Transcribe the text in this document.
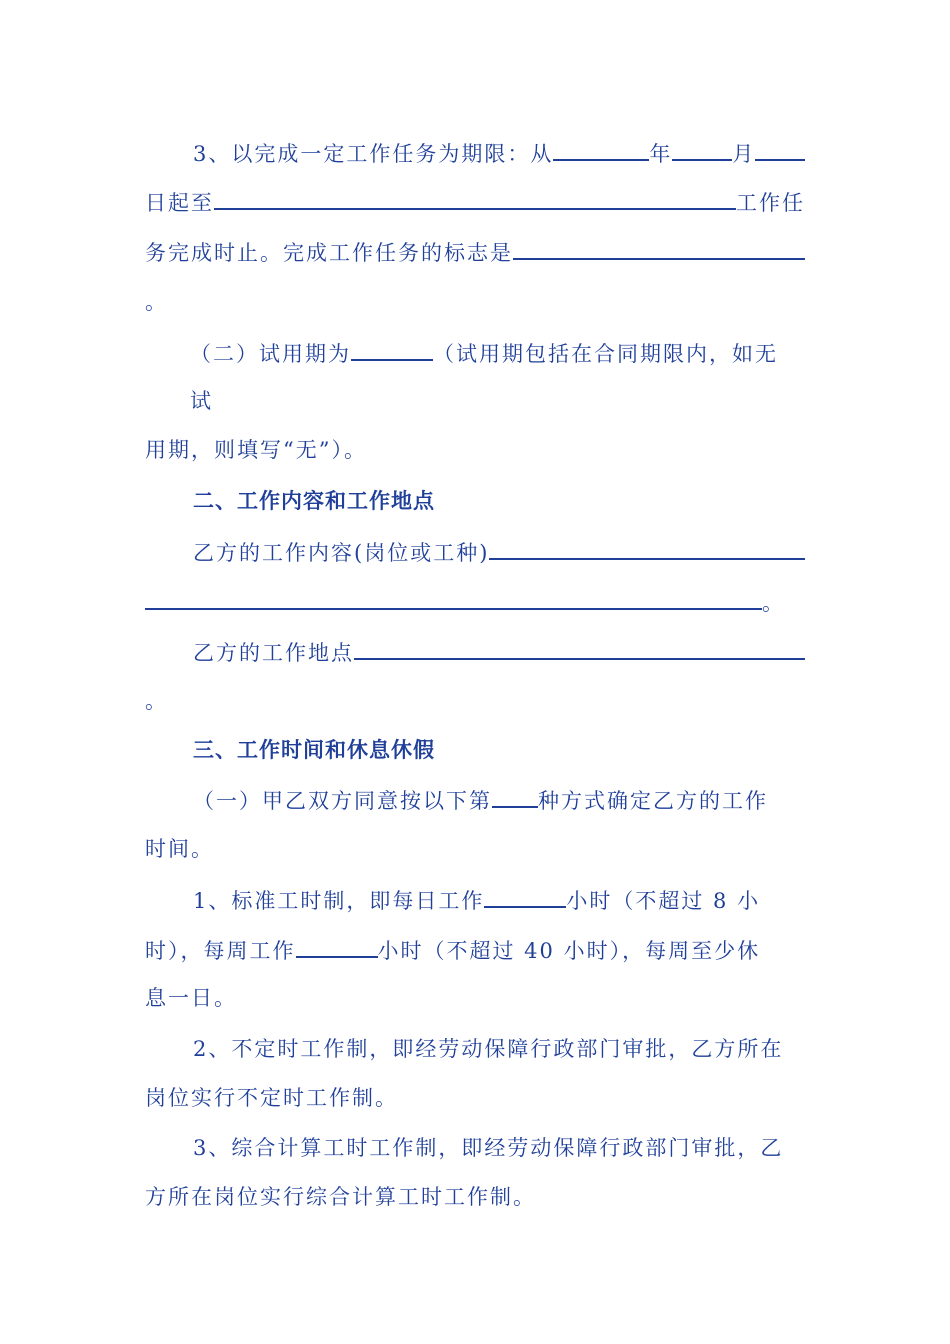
3、以完成一定工作任务为期限：从	年	月
日起至	工作任
务完成时止。完成工作任务的标志是
。
（二）试用期为	（试用期包括在合同期限内，如无
试
用期，则填写“无”）。
二、工作内容和工作地点
乙方的工作内容(岗位或工种)
。
乙方的工作地点
。
三、工作时间和休息休假
（一）甲乙双方同意按以下第 种方式确定乙方的工作
时间。
1、标准工时制，即每日工作	小时（不超过 8 小
时），每周工作	小时（不超过 40 小时），每周至少休
息一日。
2、不定时工作制，即经劳动保障行政部门审批，乙方所在
岗位实行不定时工作制。
3、综合计算工时工作制，即经劳动保障行政部门审批，乙
方所在岗位实行综合计算工时工作制。
